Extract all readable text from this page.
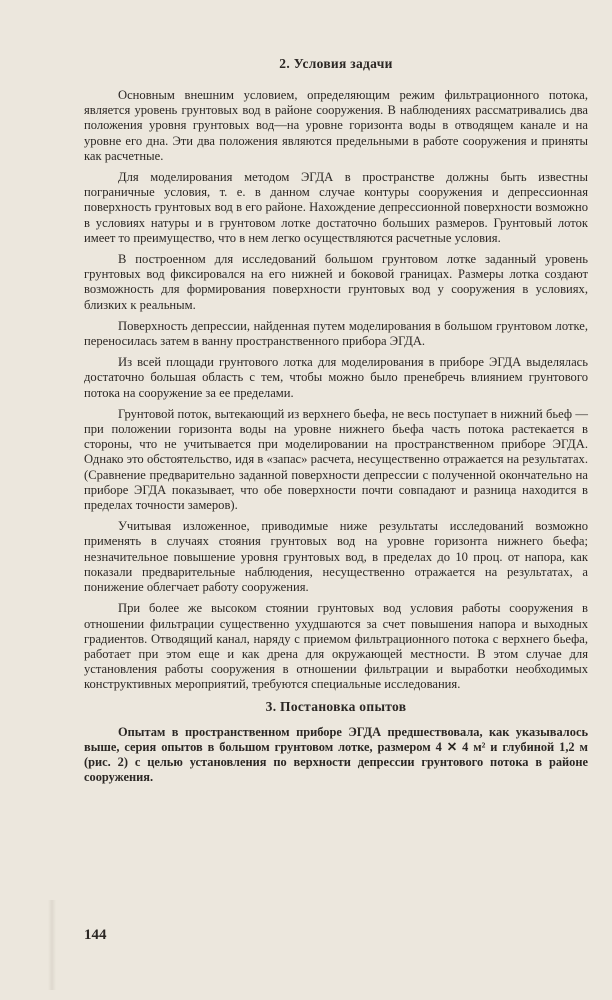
2. Условия задачи

Основным внешним условием, определяющим режим фильтрационного потока, является уровень грунтовых вод в районе сооружения. В наблюдениях рассматривались два положения уровня грунтовых вод—на уровне горизонта воды в отводящем канале и на уровне его дна. Эти два положения являются предельными в работе сооружения и приняты как расчетные.

Для моделирования методом ЭГДА в пространстве должны быть известны пограничные условия, т. е. в данном случае контуры сооружения и депрессионная поверхность грунтовых вод в его районе. Нахождение депрессионной поверхности возможно в условиях натуры и в грунтовом лотке достаточно больших размеров. Грунтовый лоток имеет то преимущество, что в нем легко осуществляются расчетные условия.

В построенном для исследований большом грунтовом лотке заданный уровень грунтовых вод фиксировался на его нижней и боковой границах. Размеры лотка создают возможность для формирования поверхности грунтовых вод у сооружения в условиях, близких к реальным.

Поверхность депрессии, найденная путем моделирования в большом грунтовом лотке, переносилась затем в ванну пространственного прибора ЭГДА.

Из всей площади грунтового лотка для моделирования в приборе ЭГДА выделялась достаточно большая область с тем, чтобы можно было пренебречь влиянием грунтового потока на сооружение за ее пределами.

Грунтовой поток, вытекающий из верхнего бьефа, не весь поступает в нижний бьеф — при положении горизонта воды на уровне нижнего бьефа часть потока растекается в стороны, что не учитывается при моделировании на пространственном приборе ЭГДА. Однако это обстоятельство, идя в «запас» расчета, несущественно отражается на результатах. (Сравнение предварительно заданной поверхности депрессии с полученной окончательно на приборе ЭГДА показывает, что обе поверхности почти совпадают и разница находится в пределах точности замеров).

Учитывая изложенное, приводимые ниже результаты исследований возможно применять в случаях стояния грунтовых вод на уровне горизонта нижнего бьефа; незначительное повышение уровня грунтовых вод, в пределах до 10 проц. от напора, как показали предварительные наблюдения, несущественно отражается на результатах, а понижение облегчает работу сооружения.

При более же высоком стоянии грунтовых вод условия работы сооружения в отношении фильтрации существенно ухудшаются за счет повышения напора и выходных градиентов. Отводящий канал, наряду с приемом фильтрационного потока с верхнего бьефа, работает при этом еще и как дрена для окружающей местности. В этом случае для установления работы сооружения в отношении фильтрации и выработки необходимых конструктивных мероприятий, требуются специальные исследования.

3. Постановка опытов

Опытам в пространственном приборе ЭГДА предшествовала, как указывалось выше, серия опытов в большом грунтовом лотке, размером 4 ✕ 4 м² и глубиной 1,2 м (рис. 2) с целью установления по верхности депрессии грунтового потока в районе сооружения.

144
